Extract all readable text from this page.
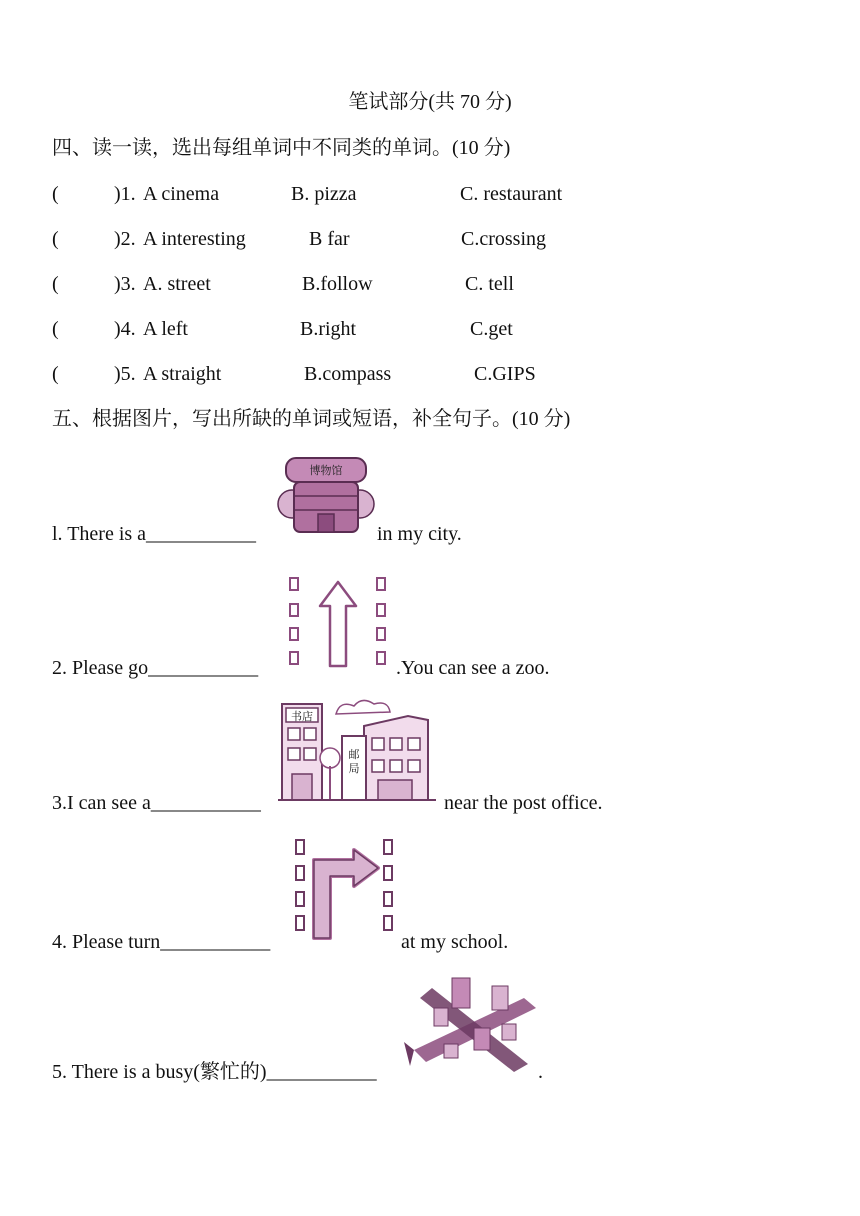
笔试部分(共 70 分)
四、读一读，选出每组单词中不同类的单词。(10 分)
(	)1. A cinema	B. pizza	C. restaurant
(	)2. A interesting	B far	C.crossing
(	)3. A. street	B.follow	C. tell
(	)4. A left	B.right	C.get
(	)5. A straight	B.compass	C.GIPS
五、根据图片，写出所缺的单词或短语，补全句子。(10 分)
博物馆
l. There is a___________	in my city.
2. Please go___________	.You can see a zoo.
书店
邮局
3.I can see a___________	near the post office.
4. Please turn___________	at my school.
5. There is a busy(繁忙的)___________	.
